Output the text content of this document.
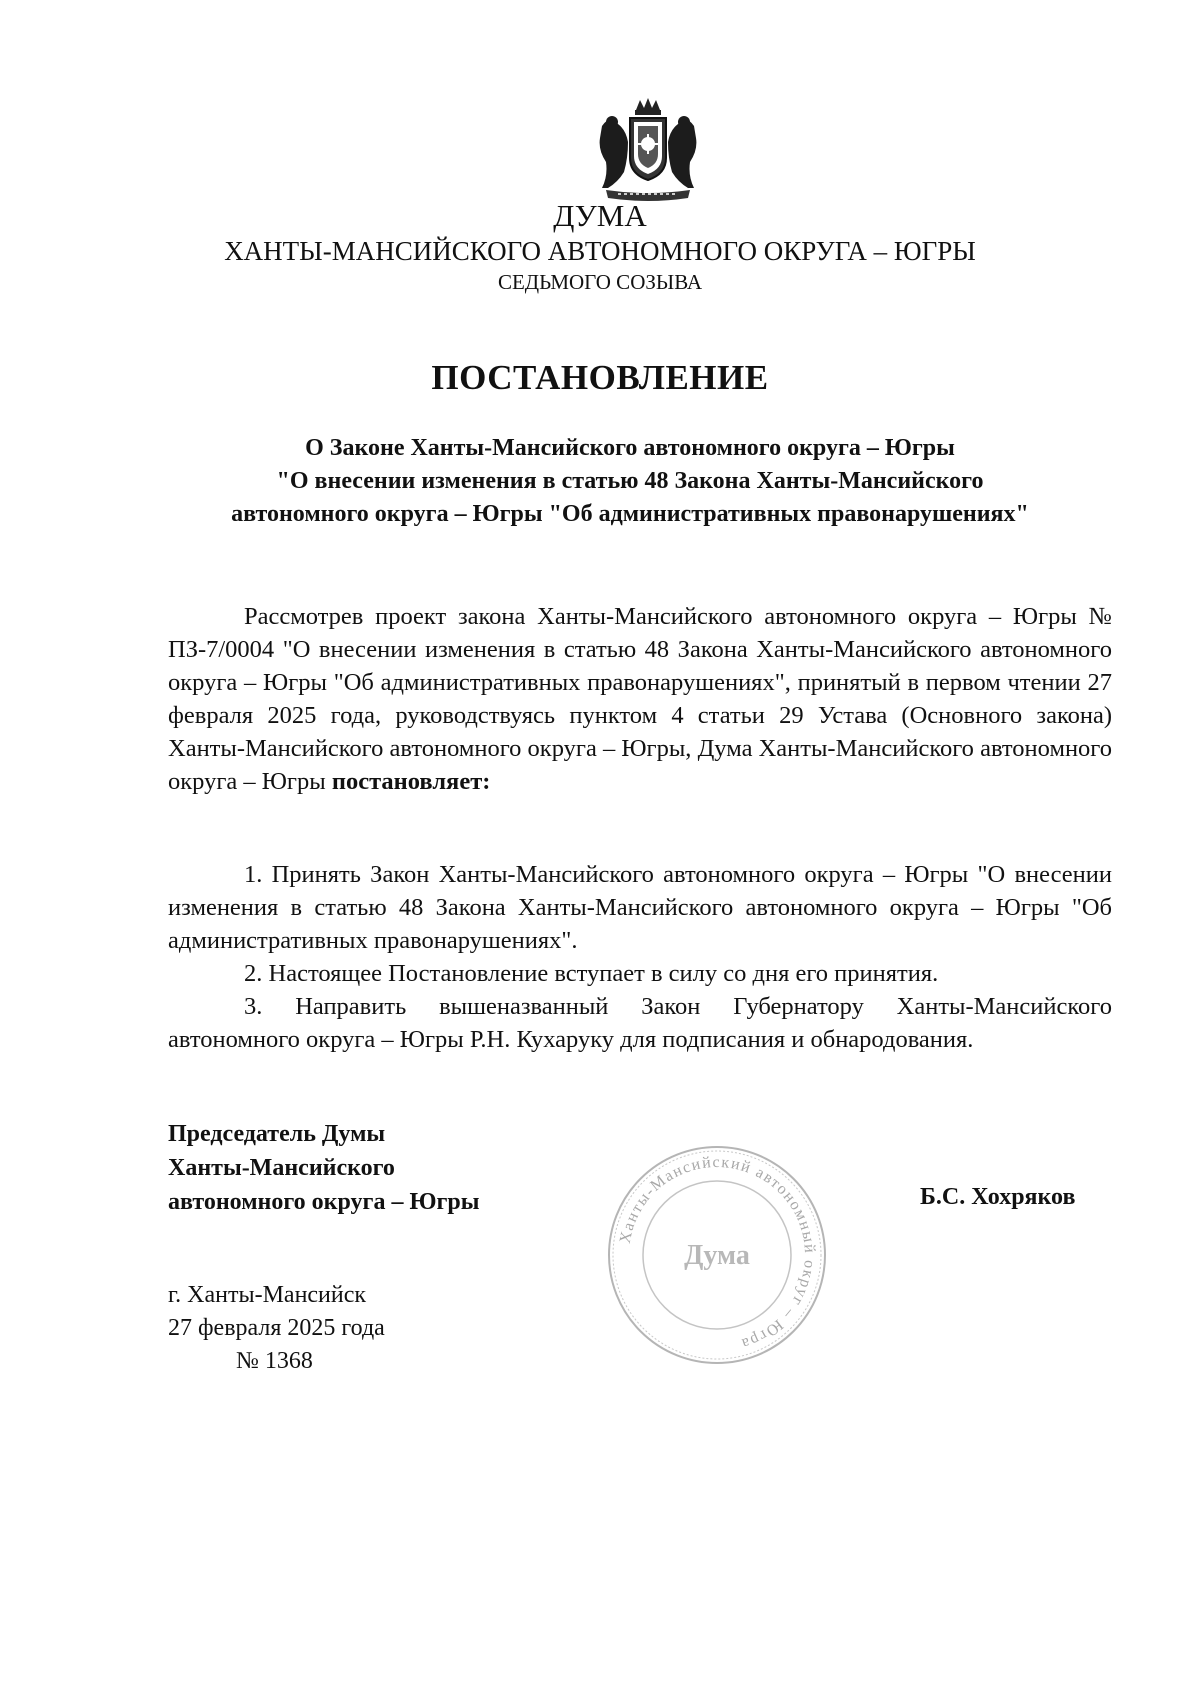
ДУМА
ХАНТЫ-МАНСИЙСКОГО АВТОНОМНОГО ОКРУГА – ЮГРЫ
СЕДЬМОГО СОЗЫВА
ПОСТАНОВЛЕНИЕ
О Законе Ханты-Мансийского автономного округа – Югры
"О внесении изменения в статью 48 Закона Ханты-Мансийского
автономного округа – Югры "Об административных правонарушениях"
Рассмотрев проект закона Ханты-Мансийского автономного округа – Югры № ПЗ-7/0004 "О внесении изменения в статью 48 Закона Ханты-Мансийского автономного округа – Югры "Об административных правонарушениях", принятый в первом чтении 27 февраля 2025 года, руководствуясь пунктом 4 статьи 29 Устава (Основного закона) Ханты-Мансийского автономного округа – Югры, Дума Ханты-Мансийского автономного округа – Югры постановляет:

1. Принять Закон Ханты-Мансийского автономного округа – Югры "О внесении изменения в статью 48 Закона Ханты-Мансийского автономного округа – Югры "Об административных правонарушениях".

2. Настоящее Постановление вступает в силу со дня его принятия.

3. Направить вышеназванный Закон Губернатору Ханты-Мансийского автономного округа – Югры Р.Н. Кухаруку для подписания и обнародования.

Председатель Думы
Ханты-Мансийского
автономного округа – Югры
Ханты-Мансийский автономный округ – Югра
Дума
Б.С. Хохряков
г. Ханты-Мансийск
27 февраля 2025 года
№ 1368
